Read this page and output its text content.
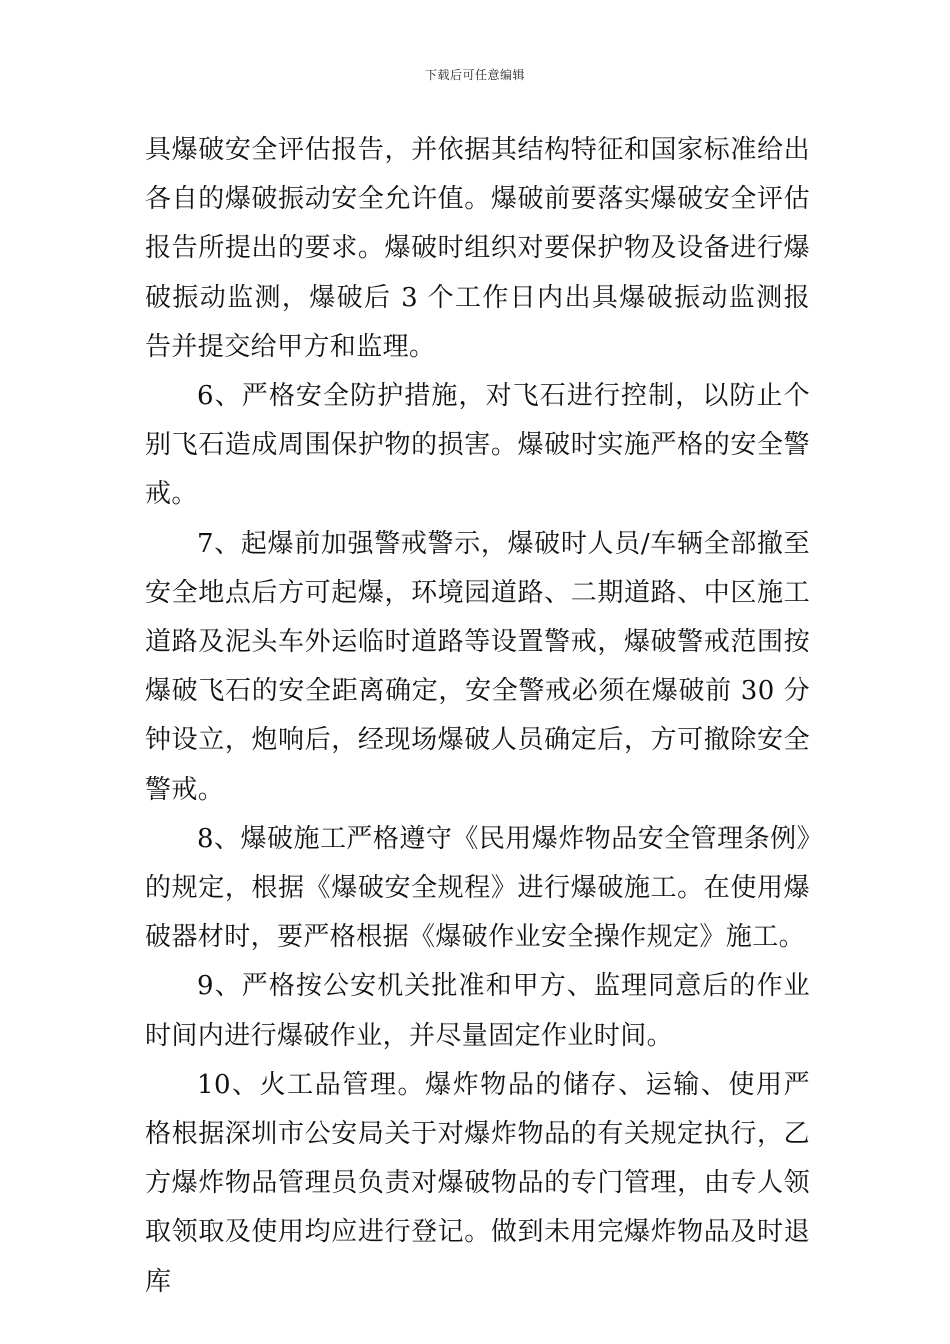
下载后可任意编辑

具爆破安全评估报告，并依据其结构特征和国家标准给出各自的爆破振动安全允许值。爆破前要落实爆破安全评估报告所提出的要求。爆破时组织对要保护物及设备进行爆破振动监测，爆破后 3 个工作日内出具爆破振动监测报告并提交给甲方和监理。

6、严格安全防护措施，对飞石进行控制，以防止个别飞石造成周围保护物的损害。爆破时实施严格的安全警戒。

7、起爆前加强警戒警示，爆破时人员/车辆全部撤至安全地点后方可起爆，环境园道路、二期道路、中区施工道路及泥头车外运临时道路等设置警戒，爆破警戒范围按爆破飞石的安全距离确定，安全警戒必须在爆破前 30 分钟设立，炮响后，经现场爆破人员确定后，方可撤除安全警戒。

8、爆破施工严格遵守《民用爆炸物品安全管理条例》的规定，根据《爆破安全规程》进行爆破施工。在使用爆破器材时，要严格根据《爆破作业安全操作规定》施工。

9、严格按公安机关批准和甲方、监理同意后的作业时间内进行爆破作业，并尽量固定作业时间。

10、火工品管理。爆炸物品的储存、运输、使用严格根据深圳市公安局关于对爆炸物品的有关规定执行，乙方爆炸物品管理员负责对爆破物品的专门管理，由专人领取领取及使用均应进行登记。做到未用完爆炸物品及时退库
